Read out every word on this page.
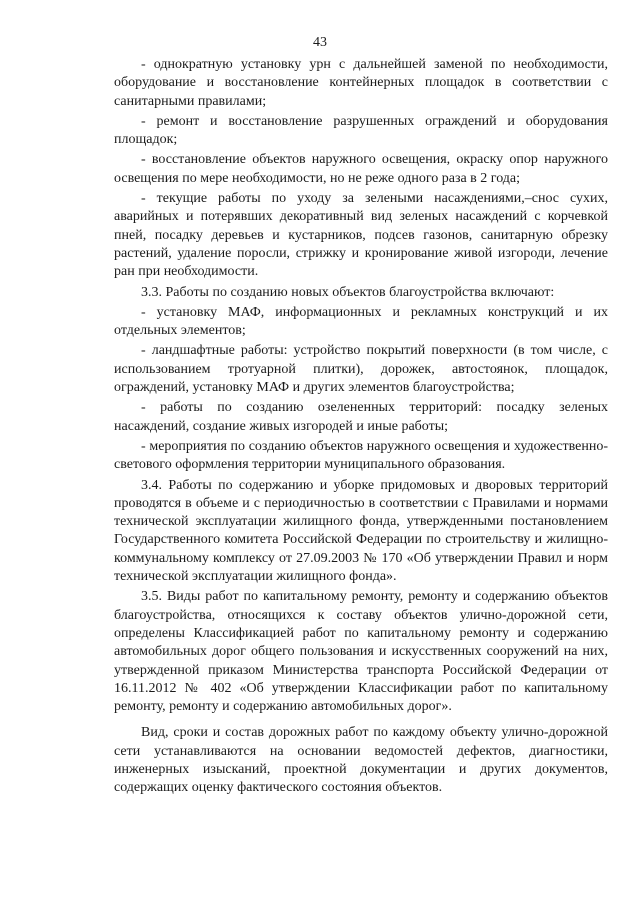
43

- однократную установку урн с дальнейшей заменой по необходимости, оборудование и восстановление контейнерных площадок в соответствии с санитарными правилами;

- ремонт и восстановление разрушенных ограждений и оборудования площадок;

- восстановление объектов наружного освещения, окраску опор наружного освещения по мере необходимости, но не реже одного раза в 2 года;

- текущие работы по уходу за зелеными насаждениями,–снос сухих, аварийных и потерявших декоративный вид зеленых насаждений с корчевкой пней, посадку деревьев и кустарников, подсев газонов, санитарную обрезку растений, удаление поросли, стрижку и кронирование живой изгороди, лечение ран при необходимости.

3.3. Работы по созданию новых объектов благоустройства включают:

- установку МАФ, информационных и рекламных конструкций и их отдельных элементов;

- ландшафтные работы: устройство покрытий поверхности (в том числе, с использованием тротуарной плитки), дорожек, автостоянок, площадок, ограждений, установку МАФ и других элементов благоустройства;

- работы по созданию озелененных территорий: посадку зеленых насаждений, создание живых изгородей и иные работы;

- мероприятия по созданию объектов наружного освещения и художественно-светового оформления территории муниципального образования.

3.4. Работы по содержанию и уборке придомовых и дворовых территорий проводятся в объеме и с периодичностью в соответствии с Правилами и нормами технической эксплуатации жилищного фонда, утвержденными постановлением Государственного комитета Российской Федерации по строительству и жилищно-коммунальному комплексу от 27.09.2003 № 170 «Об утверждении Правил и норм технической эксплуатации жилищного фонда».

3.5. Виды работ по капитальному ремонту, ремонту и содержанию объектов благоустройства, относящихся к составу объектов улично-дорожной сети, определены Классификацией работ по капитальному ремонту и содержанию автомобильных дорог общего пользования и искусственных сооружений на них, утвержденной приказом Министерства транспорта Российской Федерации от 16.11.2012 № 402 «Об утверждении Классификации работ по капитальному ремонту, ремонту и содержанию автомобильных дорог».

Вид, сроки и состав дорожных работ по каждому объекту улично-дорожной сети устанавливаются на основании ведомостей дефектов, диагностики, инженерных изысканий, проектной документации и других документов, содержащих оценку фактического состояния объектов.
